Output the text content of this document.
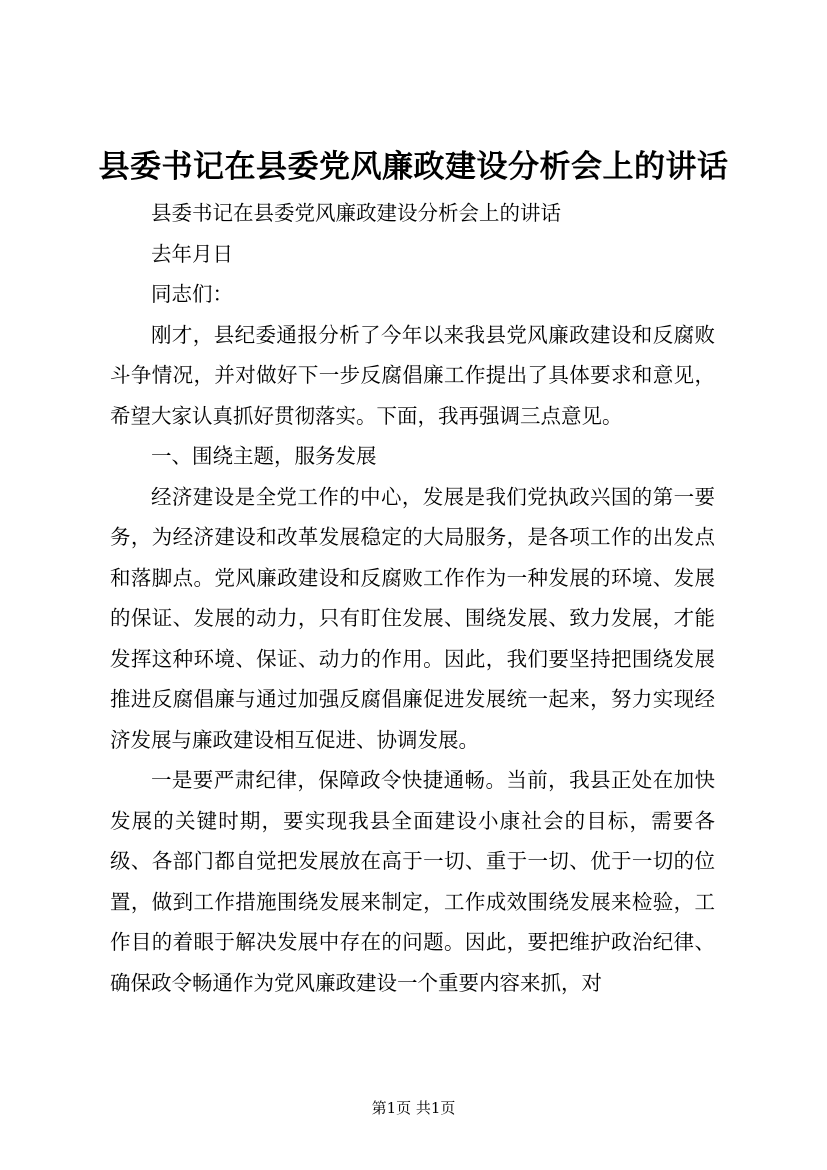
县委书记在县委党风廉政建设分析会上的讲话

县委书记在县委党风廉政建设分析会上的讲话

去年月日

同志们：

刚才，县纪委通报分析了今年以来我县党风廉政建设和反腐败斗争情况，并对做好下一步反腐倡廉工作提出了具体要求和意见，希望大家认真抓好贯彻落实。下面，我再强调三点意见。

一、围绕主题，服务发展

经济建设是全党工作的中心，发展是我们党执政兴国的第一要务，为经济建设和改革发展稳定的大局服务，是各项工作的出发点和落脚点。党风廉政建设和反腐败工作作为一种发展的环境、发展的保证、发展的动力，只有盯住发展、围绕发展、致力发展，才能发挥这种环境、保证、动力的作用。因此，我们要坚持把围绕发展推进反腐倡廉与通过加强反腐倡廉促进发展统一起来，努力实现经济发展与廉政建设相互促进、协调发展。

一是要严肃纪律，保障政令快捷通畅。当前，我县正处在加快发展的关键时期，要实现我县全面建设小康社会的目标，需要各级、各部门都自觉把发展放在高于一切、重于一切、优于一切的位置，做到工作措施围绕发展来制定，工作成效围绕发展来检验，工作目的着眼于解决发展中存在的问题。因此，要把维护政治纪律、确保政令畅通作为党风廉政建设一个重要内容来抓，对

第1页 共1页
